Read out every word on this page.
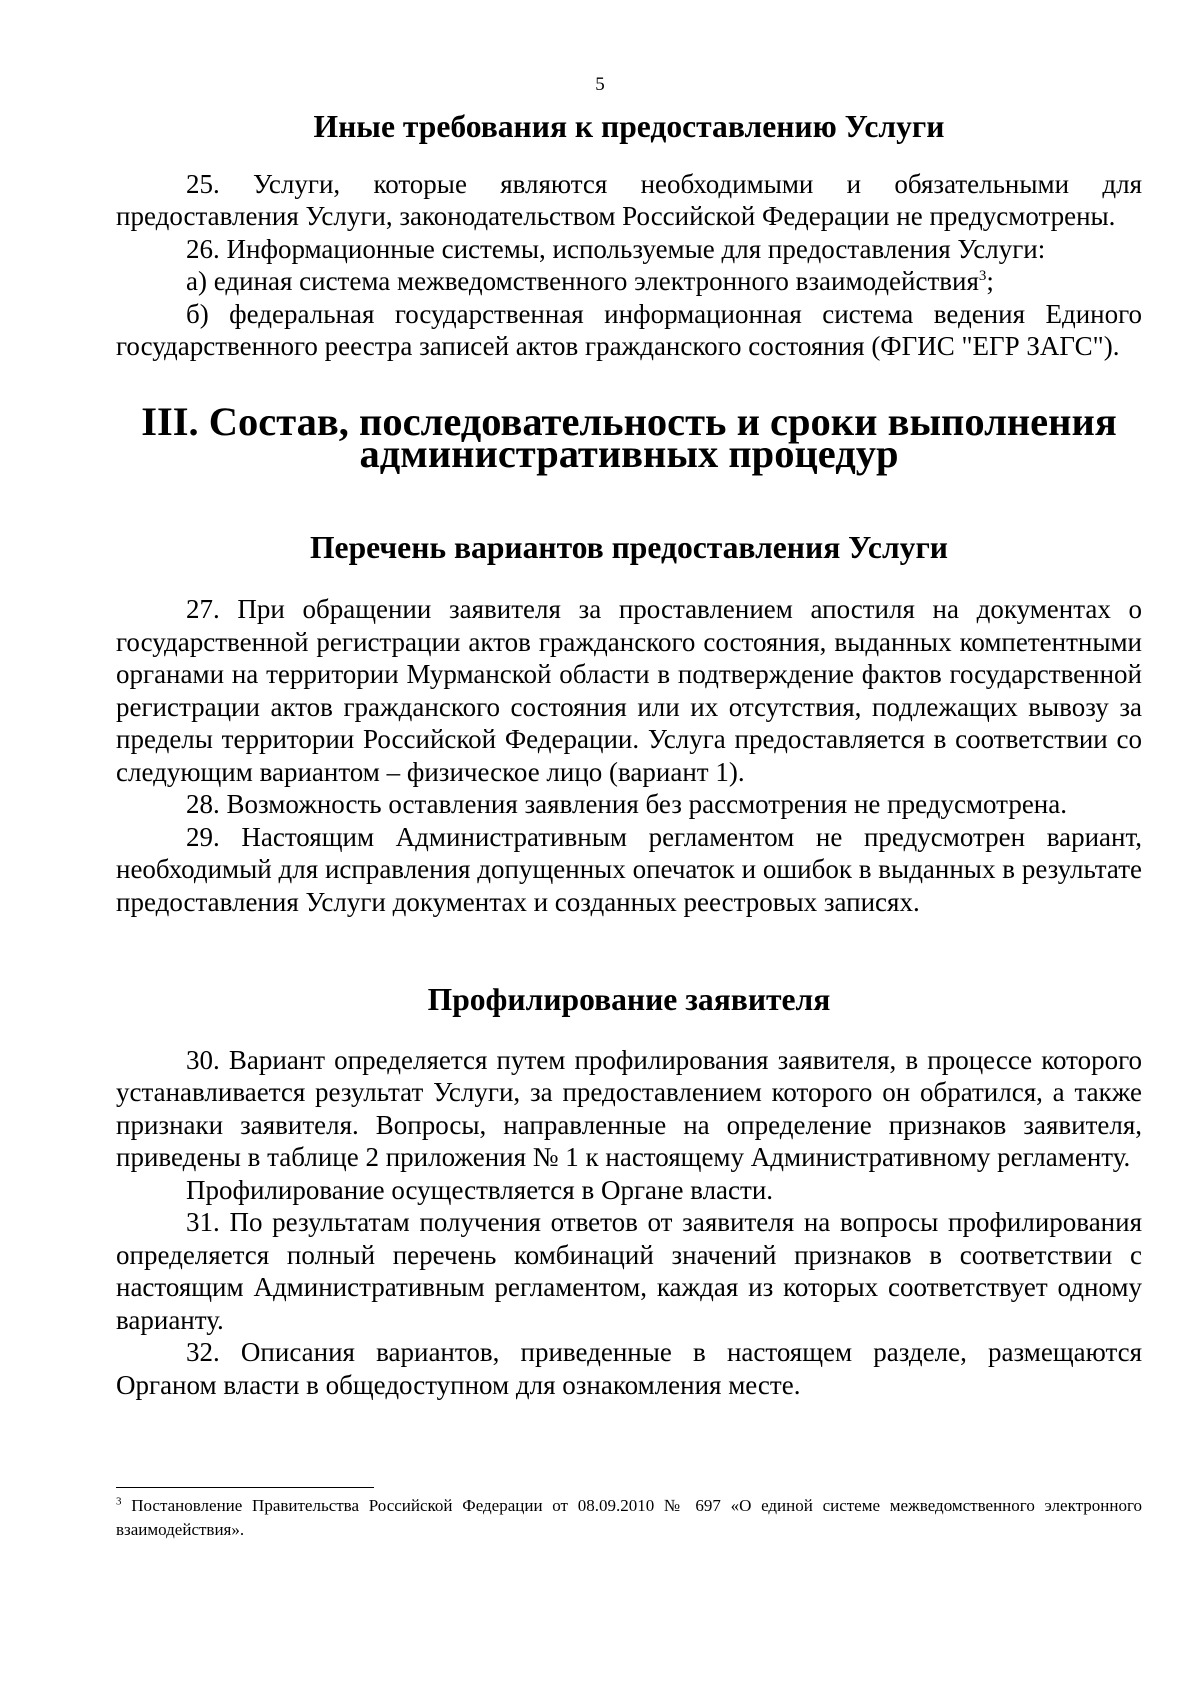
5
Иные требования к предоставлению Услуги

25. Услуги, которые являются необходимыми и обязательными для предоставления Услуги, законодательством Российской Федерации не предусмотрены.

26. Информационные системы, используемые для предоставления Услуги:

а) единая система межведомственного электронного взаимодействия$^3$;

б) федеральная государственная информационная система ведения Единого государственного реестра записей актов гражданского состояния (ФГИС "ЕГР ЗАГС").

III. Состав, последовательность и сроки выполнения административных процедур
Перечень вариантов предоставления Услуги

27. При обращении заявителя за проставлением апостиля на документах о государственной регистрации актов гражданского состояния, выданных компетентными органами на территории Мурманской области в подтверждение фактов государственной регистрации актов гражданского состояния или их отсутствия, подлежащих вывозу за пределы территории Российской Федерации. Услуга предоставляется в соответствии со следующим вариантом – физическое лицо (вариант 1).

28. Возможность оставления заявления без рассмотрения не предусмотрена.

29. Настоящим Административным регламентом не предусмотрен вариант, необходимый для исправления допущенных опечаток и ошибок в выданных в результате предоставления Услуги документах и созданных реестровых записях.

Профилирование заявителя

30. Вариант определяется путем профилирования заявителя, в процессе которого устанавливается результат Услуги, за предоставлением которого он обратился, а также признаки заявителя. Вопросы, направленные на определение признаков заявителя, приведены в таблице 2 приложения № 1 к настоящему Административному регламенту.

Профилирование осуществляется в Органе власти.

31. По результатам получения ответов от заявителя на вопросы профилирования определяется полный перечень комбинаций значений признаков в соответствии с настоящим Административным регламентом, каждая из которых соответствует одному варианту.

32. Описания вариантов, приведенные в настоящем разделе, размещаются Органом власти в общедоступном для ознакомления месте.

$^3$ Постановление Правительства Российской Федерации от 08.09.2010 № 697 «О единой системе межведомственного электронного взаимодействия».
